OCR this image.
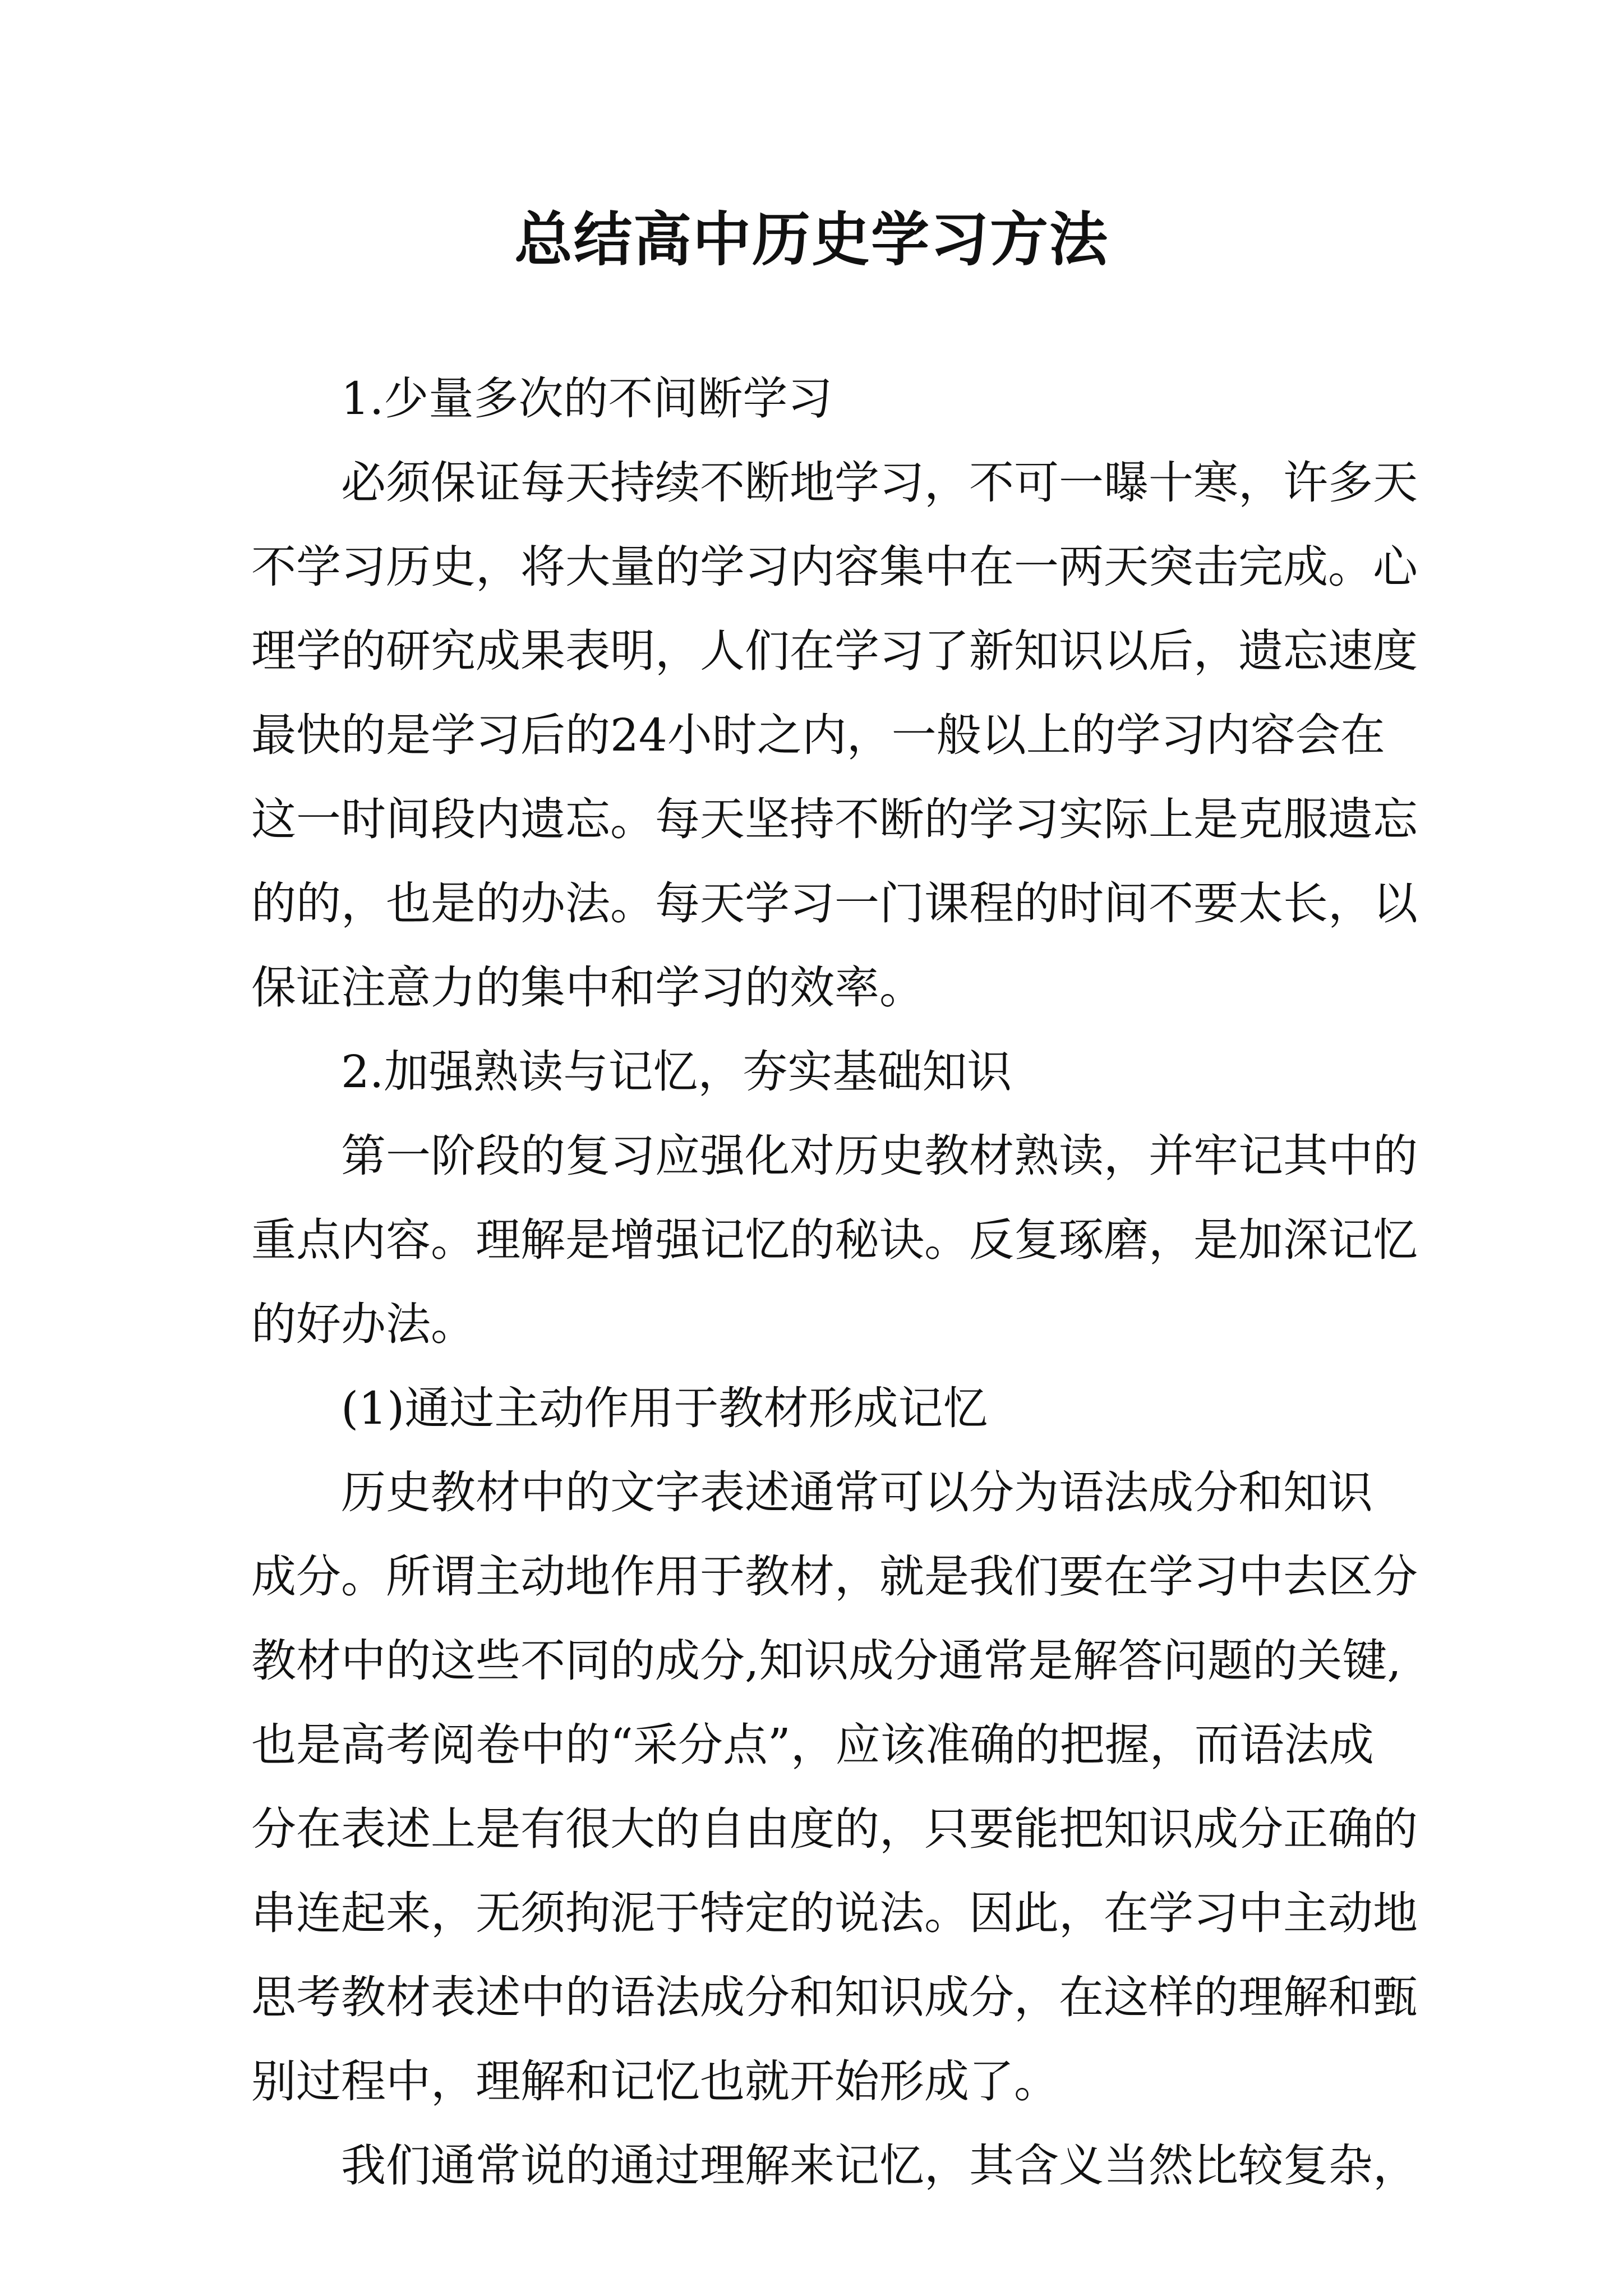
总结高中历史学习方法

1.少量多次的不间断学习

必须保证每天持续不断地学习，不可一曝十寒，许多天

不学习历史，将大量的学习内容集中在一两天突击完成。心

理学的研究成果表明，人们在学习了新知识以后，遗忘速度

最快的是学习后的24小时之内，一般以上的学习内容会在

这一时间段内遗忘。每天坚持不断的学习实际上是克服遗忘

的的，也是的办法。每天学习一门课程的时间不要太长，以

保证注意力的集中和学习的效率。

2.加强熟读与记忆，夯实基础知识

第一阶段的复习应强化对历史教材熟读，并牢记其中的

重点内容。理解是增强记忆的秘诀。反复琢磨，是加深记忆

的好办法。

(1)通过主动作用于教材形成记忆

历史教材中的文字表述通常可以分为语法成分和知识

成分。所谓主动地作用于教材，就是我们要在学习中去区分

教材中的这些不同的成分,知识成分通常是解答问题的关键,

也是高考阅卷中的“采分点”，应该准确的把握，而语法成

分在表述上是有很大的自由度的，只要能把知识成分正确的

串连起来，无须拘泥于特定的说法。因此，在学习中主动地

思考教材表述中的语法成分和知识成分，在这样的理解和甄

别过程中，理解和记忆也就开始形成了。

我们通常说的通过理解来记忆，其含义当然比较复杂，
